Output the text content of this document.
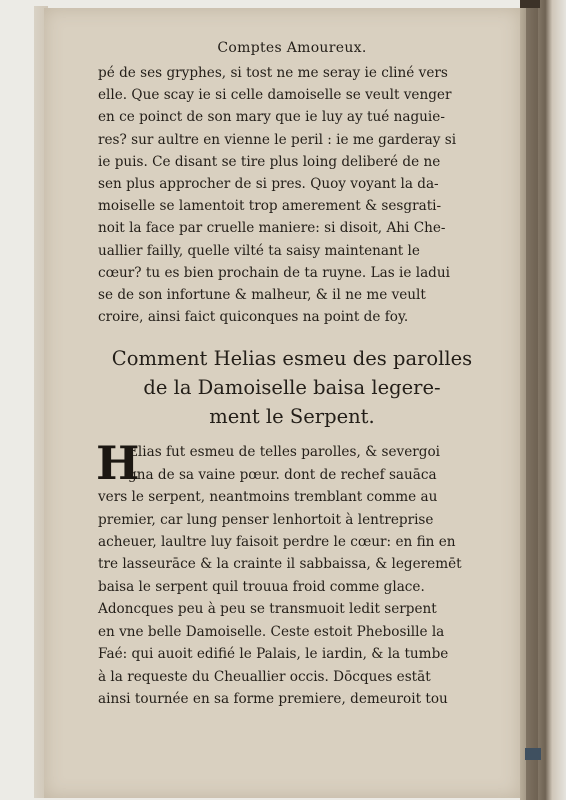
Comptes Amoureux.

pé de ses gryphes, si tost ne me seray ie cliné vers
elle. Que scay ie si celle damoiselle se veult venger
en ce poinct de son mary que ie luy ay tué naguie-
res? sur aultre en vienne le peril : ie me garderay si
ie puis. Ce disant se tire plus loing deliberé de ne
sen plus approcher de si pres. Quoy voyant la da-
moiselle se lamentoit trop amerement & sesgrati-
noit la face par cruelle maniere: si disoit, Ahi Che-
uallier failly, quelle vilté ta saisy maintenant le
cœur? tu es bien prochain de ta ruyne. Las ie ladui
se de son infortune & malheur, & il ne me veult
croire, ainsi faict quiconques na point de foy.

Comment Helias esmeu des parolles
de la Damoiselle baisa legere-
ment le Serpent.

H
Elias fut esmeu de telles parolles, & severgoi
gna de sa vaine pœur. dont de rechef sauāca
vers le serpent, neantmoins tremblant comme au
premier, car lung penser lenhortoit à lentreprise
acheuer, laultre luy faisoit perdre le cœur: en fin en
tre lasseurāce & la crainte il sabbaissa, & legeremēt
baisa le serpent quil trouua froid comme glace.
Adoncques peu à peu se transmuoit ledit serpent
en vne belle Damoiselle. Ceste estoit Phebosille la
Faé: qui auoit edifié le Palais, le iardin, & la tumbe
à la requeste du Cheuallier occis. Dōcques estāt
ainsi tournée en sa forme premiere, demeuroit tou
